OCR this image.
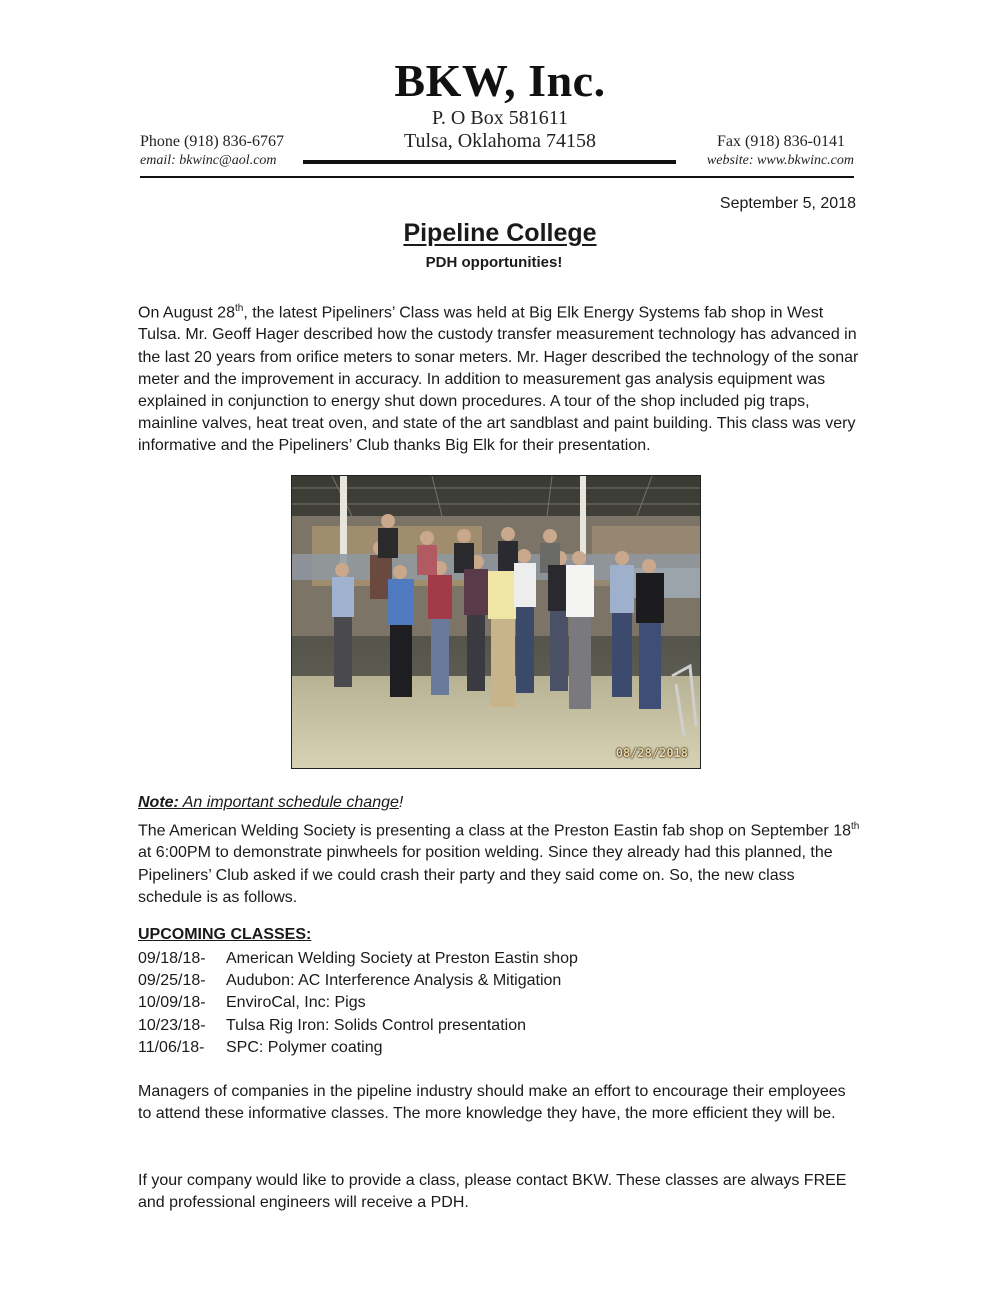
BKW, Inc.
P. O Box 581611
Tulsa, Oklahoma 74158
Phone (918) 836-6767
email: bkwinc@aol.com
Fax (918) 836-0141
website: www.bkwinc.com
September 5, 2018
Pipeline College
PDH opportunities!

On August 28th, the latest Pipeliners’ Class was held at Big Elk Energy Systems fab shop in West Tulsa. Mr. Geoff Hager described how the custody transfer measurement technology has advanced in the last 20 years from orifice meters to sonar meters. Mr. Hager described the technology of the sonar meter and the improvement in accuracy. In addition to measurement gas analysis equipment was explained in conjunction to energy shut down procedures. A tour of the shop included pig traps, mainline valves, heat treat oven, and state of the art sandblast and paint building. This class was very informative and the Pipeliners’ Club thanks Big Elk for their presentation.

08/28/2018
Note: An important schedule change!

The American Welding Society is presenting a class at the Preston Eastin fab shop on September 18th at 6:00PM to demonstrate pinwheels for position welding. Since they already had this planned, the Pipeliners’ Club asked if we could crash their party and they said come on. So, the new class schedule is as follows.

UPCOMING CLASSES:
09/18/18-	American Welding Society at Preston Eastin shop
09/25/18-	Audubon: AC Interference Analysis & Mitigation
10/09/18-	EnviroCal, Inc: Pigs
10/23/18-	Tulsa Rig Iron: Solids Control presentation
11/06/18-	SPC: Polymer coating

Managers of companies in the pipeline industry should make an effort to encourage their employees to attend these informative classes. The more knowledge they have, the more efficient they will be.

If your company would like to provide a class, please contact BKW. These classes are always FREE and professional engineers will receive a PDH.
